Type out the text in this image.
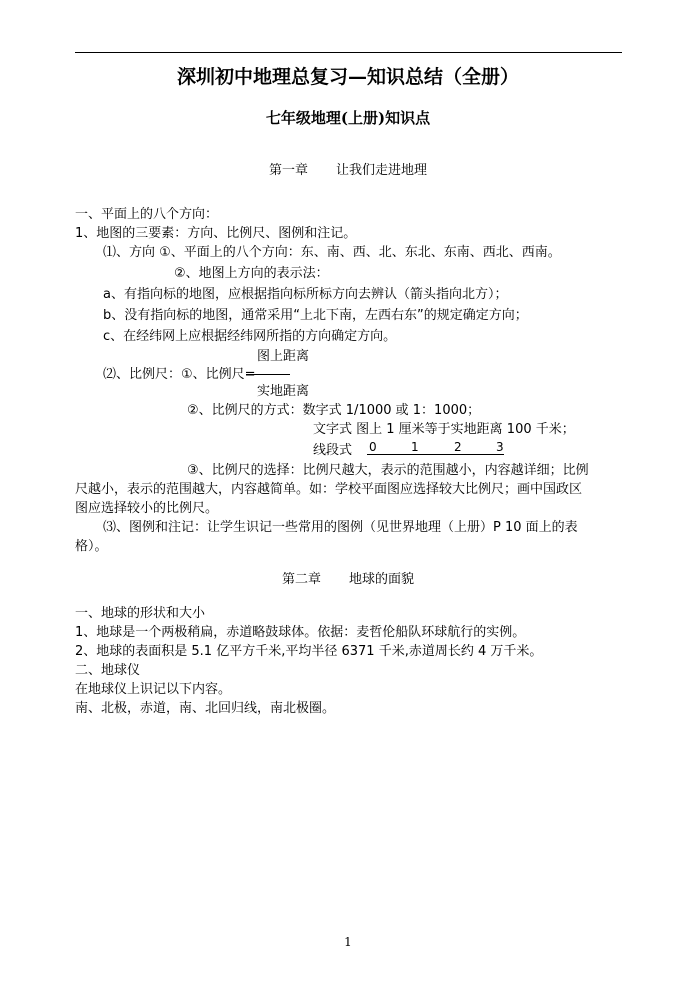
深圳初中地理总复习—知识总结（全册）
七年级地理(上册)知识点
第一章 让我们走进地理
一、平面上的八个方向：
1、地图的三要素：方向、比例尺、图例和注记。
⑴、方向 ①、平面上的八个方向：东、南、西、北、东北、东南、西北、西南。
②、地图上方向的表示法：
a、有指向标的地图，应根据指向标所标方向去辨认（箭头指向北方）；
b、没有指向标的地图，通常采用“上北下南，左西右东”的规定确定方向；
c、在经纬网上应根据经纬网所指的方向确定方向。
图上距离
⑵、比例尺：①、比例尺=
实地距离
②、比例尺的方式：数字式 1/1000 或 1：1000；
文字式 图上 1 厘米等于实地距离 100 千米；
线段式 0	1	2	3
③、比例尺的选择：比例尺越大，表示的范围越小，内容越详细；比例
尺越小，表示的范围越大，内容越简单。如：学校平面图应选择较大比例尺；画中国政区
图应选择较小的比例尺。
⑶、图例和注记：让学生识记一些常用的图例（见世界地理（上册）P 10 面上的表
格）。
第二章 地球的面貌
一、地球的形状和大小
1、地球是一个两极稍扁，赤道略鼓球体。依据：麦哲伦船队环球航行的实例。
2、地球的表面积是 5.1 亿平方千米,平均半径 6371 千米,赤道周长约 4 万千米。
二、地球仪
在地球仪上识记以下内容。
南、北极，赤道，南、北回归线，南北极圈。
1
